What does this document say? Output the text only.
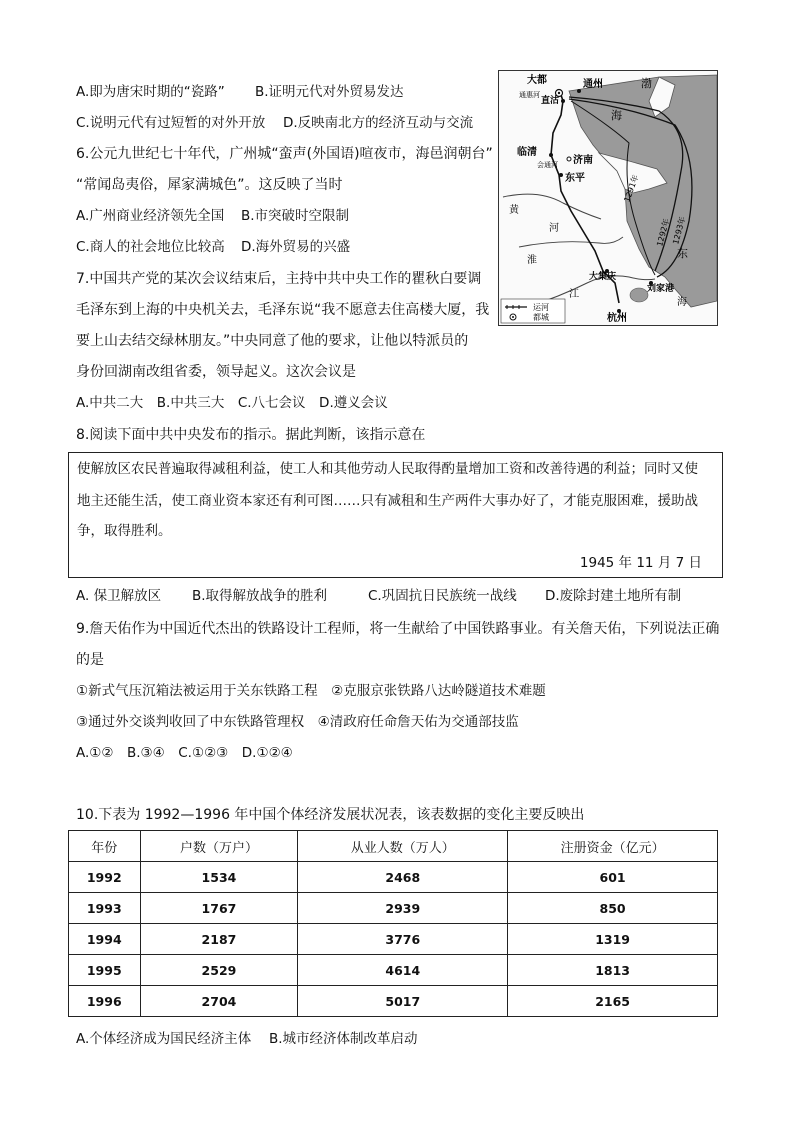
A.即为唐宋时期的“瓷路” B.证明元代对外贸易发达
C.说明元代有过短暂的对外开放 D.反映南北方的经济互动与交流
6.公元九世纪七十年代，广州城“蛮声(外国语)喧夜市，海邑润朝台”
“常闻岛夷俗，犀家满城色”。这反映了当时
A.广州商业经济领先全国 B.市突破时空限制
C.商人的社会地位比较高 D.海外贸易的兴盛
7.中国共产党的某次会议结束后，主持中共中央工作的瞿秋白要调
毛泽东到上海的中央机关去，毛泽东说“我不愿意去住高楼大厦，我
要上山去结交绿林朋友。”中央同意了他的要求，让他以特派员的
身份回湖南改组省委，领导起义。这次会议是
A.中共二大　B.中共三大　C.八七会议　D.遵义会议
8.阅读下面中共中央发布的指示。据此判断，该指示意在
使解放区农民普遍取得减租利益，使工人和其他劳动人民取得酌量增加工资和改善待遇的利益；同时又使
地主还能生活，使工商业资本家还有利可图……只有减租和生产两件大事办好了，才能克服困难，援助战
争，取得胜利。
1945 年 11 月 7 日
A. 保卫解放区 B.取得解放战争的胜利	C.巩固抗日民族统一战线 D.废除封建土地所有制
9.詹天佑作为中国近代杰出的铁路设计工程师，将一生献给了中国铁路事业。有关詹天佑，下列说法正确
的是
①新式气压沉箱法被运用于关东铁路工程　②克服京张铁路八达岭隧道技术难题
③通过外交谈判收回了中东铁路管理权　④清政府任命詹天佑为交通部技监
A.①②　B.③④　C.①②③　D.①②④
10.下表为 1992—1996 年中国个体经济发展状况表，该表数据的变化主要反映出
年份	户数（万户）	从业人数（万人）	注册资金（亿元）
1992	1534	2468	601
1993	1767	2939	850
1994	2187	3776	1319
1995	2529	4614	1813
1996	2704	5017	2165
A.个体经济成为国民经济主体 B.城市经济体制改革启动
大都	通州	渤
通惠河
直沽
海
临清
济南
会通河
东平
黄
河
淮
1291年
1293年
1292年
东
大集庆
刘家港
江
海
杭州
运河
都城
